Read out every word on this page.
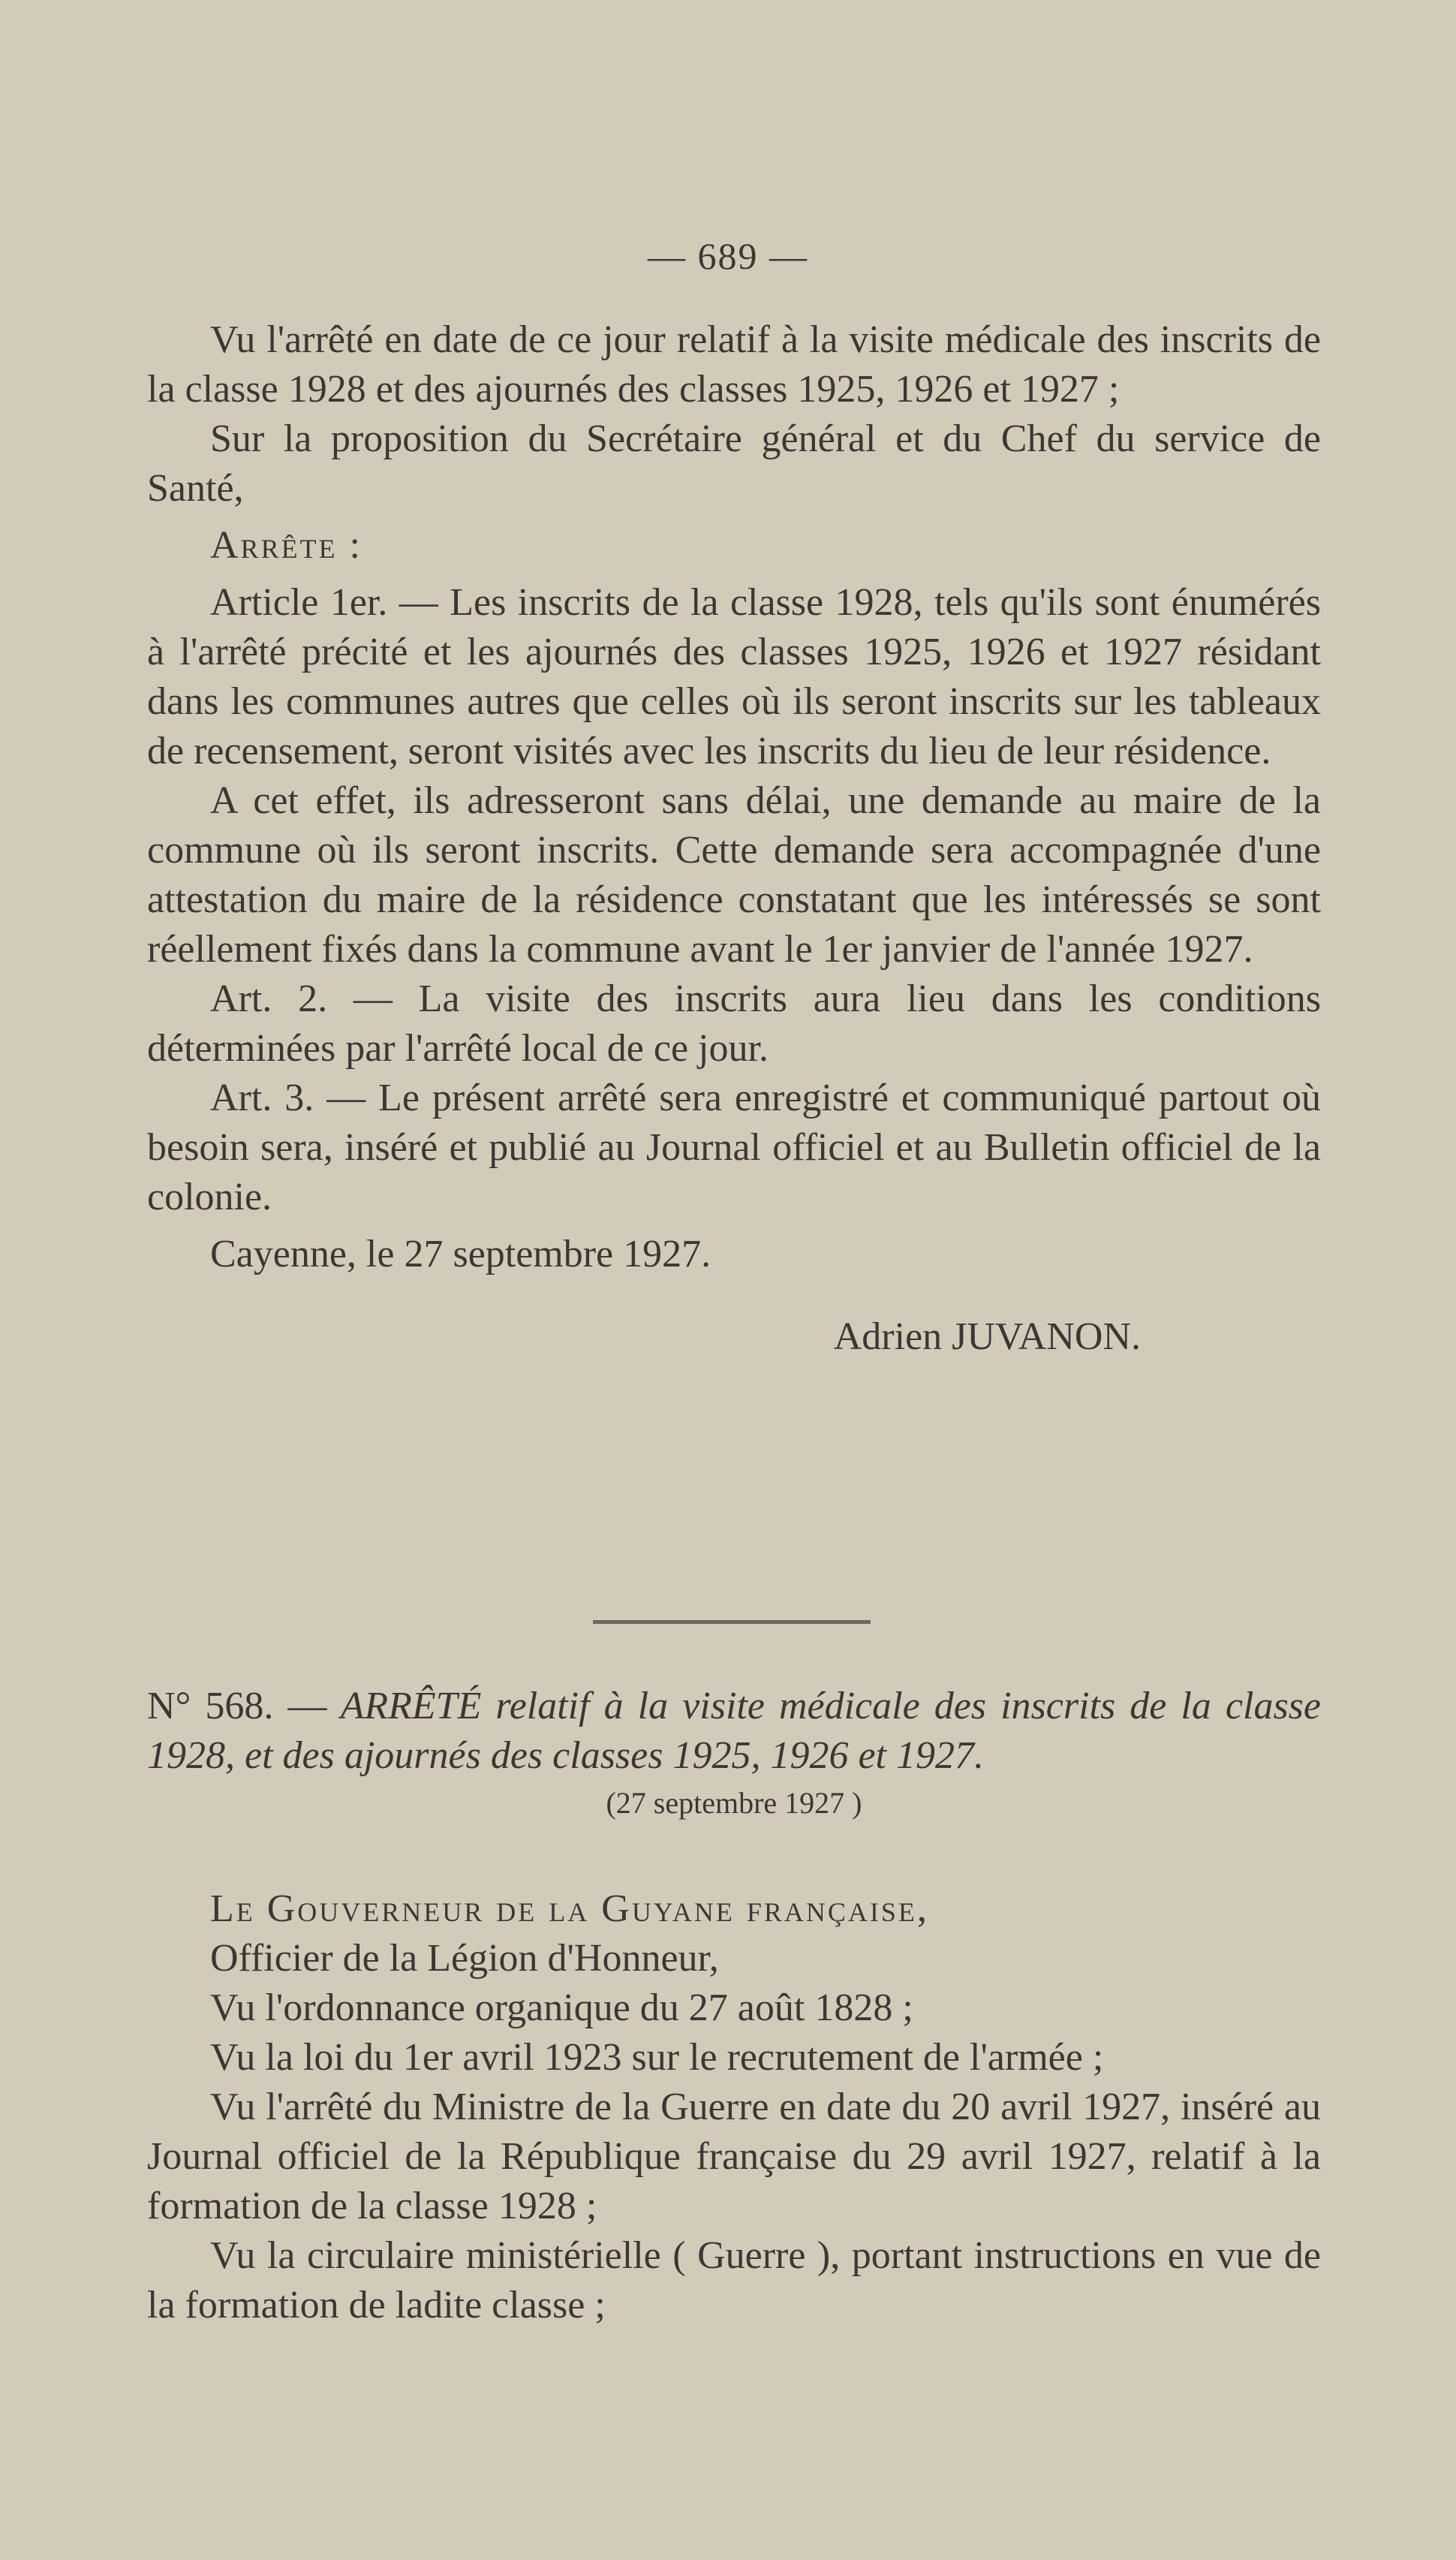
— 689 —

Vu l'arrêté en date de ce jour relatif à la visite médicale des inscrits de la classe 1928 et des ajournés des classes 1925, 1926 et 1927 ;

Sur la proposition du Secrétaire général et du Chef du service de Santé,

Arrête :

Article 1er. — Les inscrits de la classe 1928, tels qu'ils sont énumérés à l'arrêté précité et les ajournés des classes 1925, 1926 et 1927 résidant dans les communes autres que celles où ils seront inscrits sur les tableaux de recensement, seront visités avec les inscrits du lieu de leur résidence.

A cet effet, ils adresseront sans délai, une demande au maire de la commune où ils seront inscrits. Cette demande sera accompagnée d'une attestation du maire de la résidence constatant que les intéressés se sont réellement fixés dans la commune avant le 1er janvier de l'année 1927.

Art. 2. — La visite des inscrits aura lieu dans les conditions déterminées par l'arrêté local de ce jour.

Art. 3. — Le présent arrêté sera enregistré et communiqué partout où besoin sera, inséré et publié au Journal officiel et au Bulletin officiel de la colonie.

Cayenne, le 27 septembre 1927.

Adrien JUVANON.

N° 568. — ARRÊTÉ relatif à la visite médicale des inscrits de la classe 1928, et des ajournés des classes 1925, 1926 et 1927.

(27 septembre 1927 )

Le Gouverneur de la Guyane française,

Officier de la Légion d'Honneur,

Vu l'ordonnance organique du 27 août 1828 ;

Vu la loi du 1er avril 1923 sur le recrutement de l'armée ;

Vu l'arrêté du Ministre de la Guerre en date du 20 avril 1927, inséré au Journal officiel de la République française du 29 avril 1927, relatif à la formation de la classe 1928 ;

Vu la circulaire ministérielle ( Guerre ), portant instructions en vue de la formation de ladite classe ;
